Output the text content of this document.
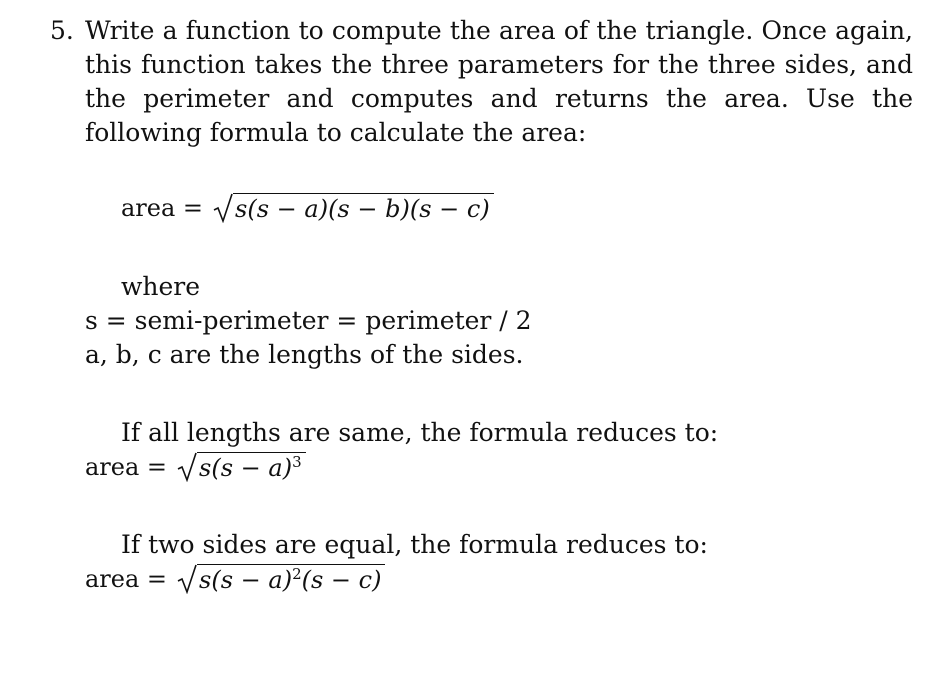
5. Write a function to compute the area of the triangle. Once again, this function takes the three parameters for the three sides, and the perimeter and computes and returns the area. Use the following formula to calculate the area:
area = s(s − a)(s − b)(s − c)
where
s = semi-perimeter = perimeter / 2
a, b, c are the lengths of the sides.
If all lengths are same, the formula reduces to:
area = $s(s - a)^3$
If two sides are equal, the formula reduces to:
area = $s(s - a)^2(s - c)$
